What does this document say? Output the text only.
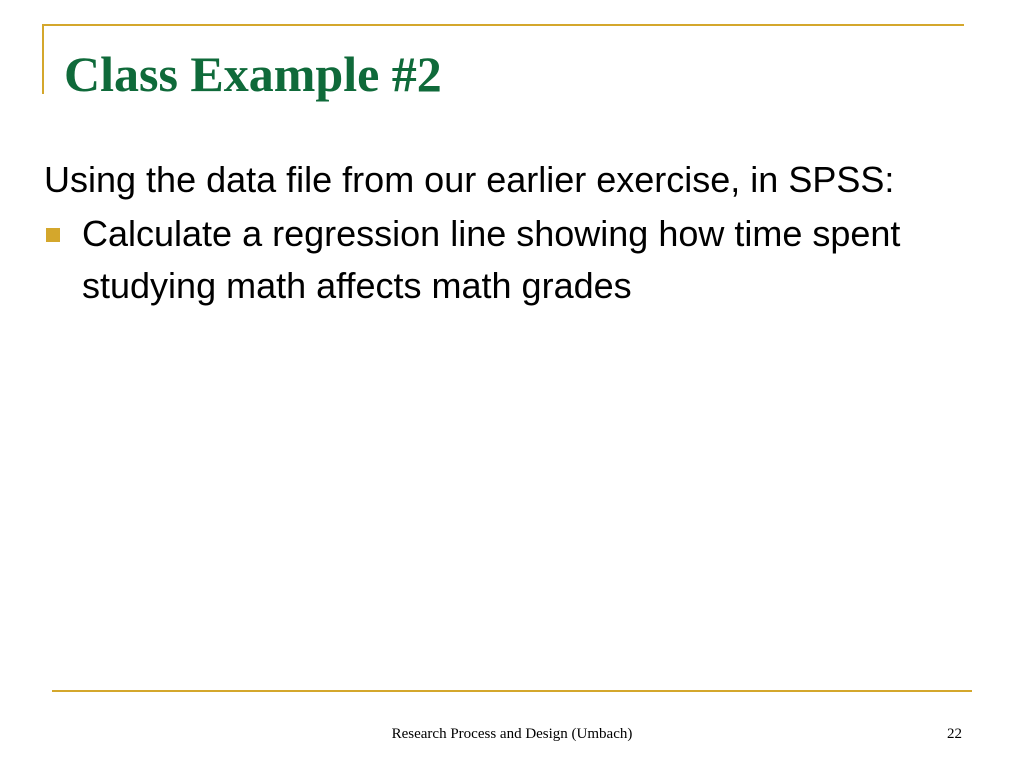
Class Example #2

Using the data file from our earlier exercise, in SPSS:

Calculate a regression line showing how time spent studying math affects math grades
Research Process and Design (Umbach)	22
